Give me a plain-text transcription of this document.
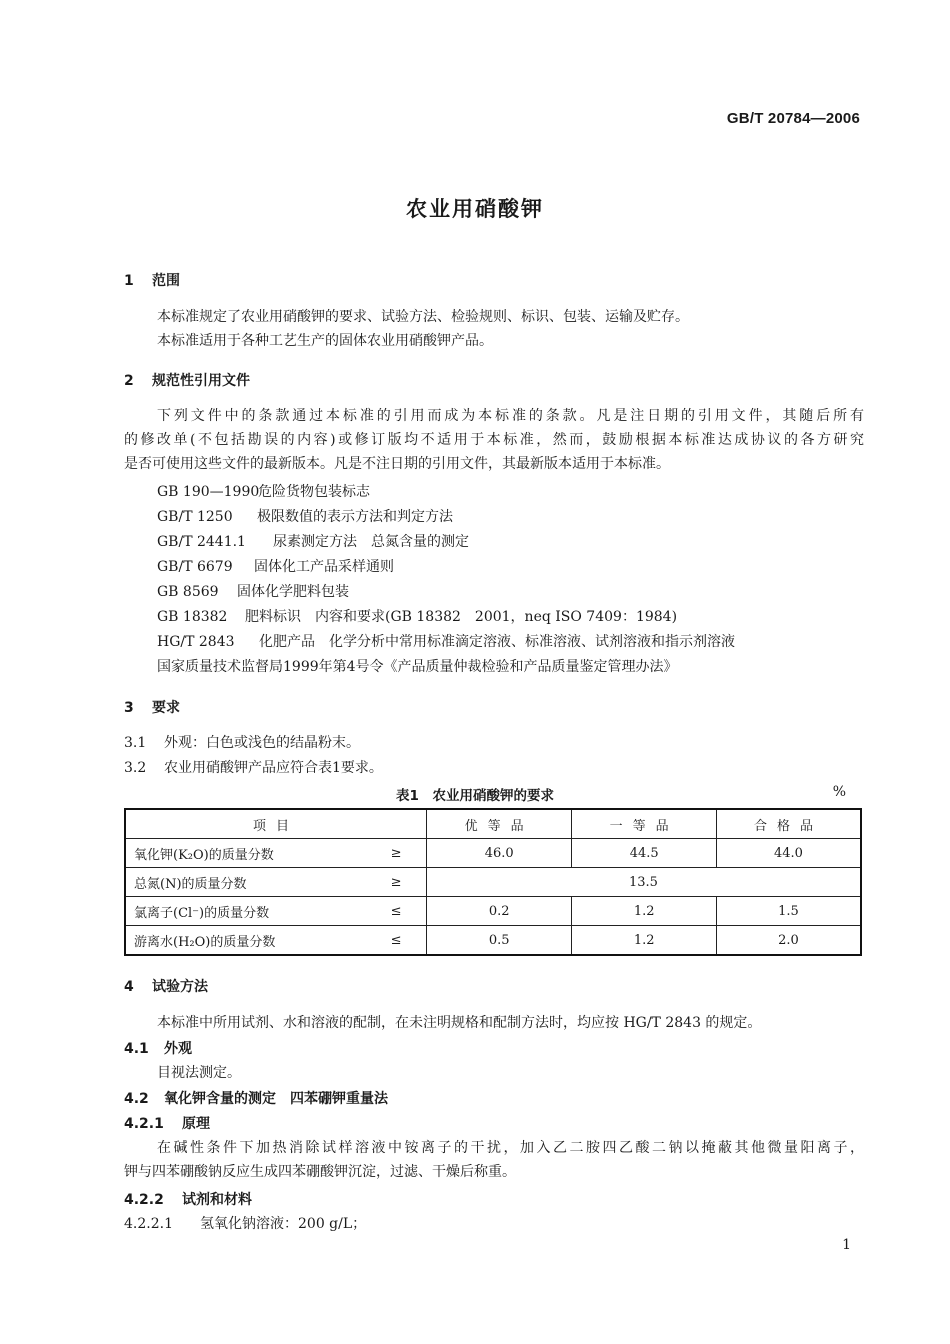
GB/T 20784—2006
农业用硝酸钾
1 范围
本标准规定了农业用硝酸钾的要求、试验方法、检验规则、标识、包装、运输及贮存。
本标准适用于各种工艺生产的固体农业用硝酸钾产品。
2 规范性引用文件
下列文件中的条款通过本标准的引用而成为本标准的条款。凡是注日期的引用文件，其随后所有
的修改单(不包括勘误的内容)或修订版均不适用于本标准，然而，鼓励根据本标准达成协议的各方研究
是否可使用这些文件的最新版本。凡是不注日期的引用文件，其最新版本适用于本标准。
GB 190—1990危险货物包装标志
GB/T 1250 极限数值的表示方法和判定方法
GB/T 2441.1 尿素测定方法　总氮含量的测定
GB/T 6679 固体化工产品采样通则
GB 8569 固体化学肥料包装
GB 18382 肥料标识　内容和要求(GB 18382　2001，neq ISO 7409：1984)
HG/T 2843 化肥产品　化学分析中常用标准滴定溶液、标准溶液、试剂溶液和指示剂溶液
国家质量技术监督局1999年第4号令《产品质量仲裁检验和产品质量鉴定管理办法》
3 要求
3.1 外观：白色或浅色的结晶粉末。
3.2 农业用硝酸钾产品应符合表1要求。
表1　农业用硝酸钾的要求	%
项目		优等品	一等品	合格品
氧化钾(K₂O)的质量分数	≥	46.0	44.5	44.0
总氮(N)的质量分数	≥	13.5		
氯离子(Cl⁻)的质量分数	≤	0.2	1.2	1.5
游离水(H₂O)的质量分数	≤	0.5	1.2	2.0
4 试验方法
本标准中所用试剂、水和溶液的配制，在未注明规格和配制方法时，均应按 HG/T 2843 的规定。
4.1 外观
目视法测定。
4.2 氧化钾含量的测定　四苯硼钾重量法
4.2.1 原理
在碱性条件下加热消除试样溶液中铵离子的干扰，加入乙二胺四乙酸二钠以掩蔽其他微量阳离子，
钾与四苯硼酸钠反应生成四苯硼酸钾沉淀，过滤、干燥后称重。
4.2.2 试剂和材料
4.2.2.1 氢氧化钠溶液：200 g/L；
1
